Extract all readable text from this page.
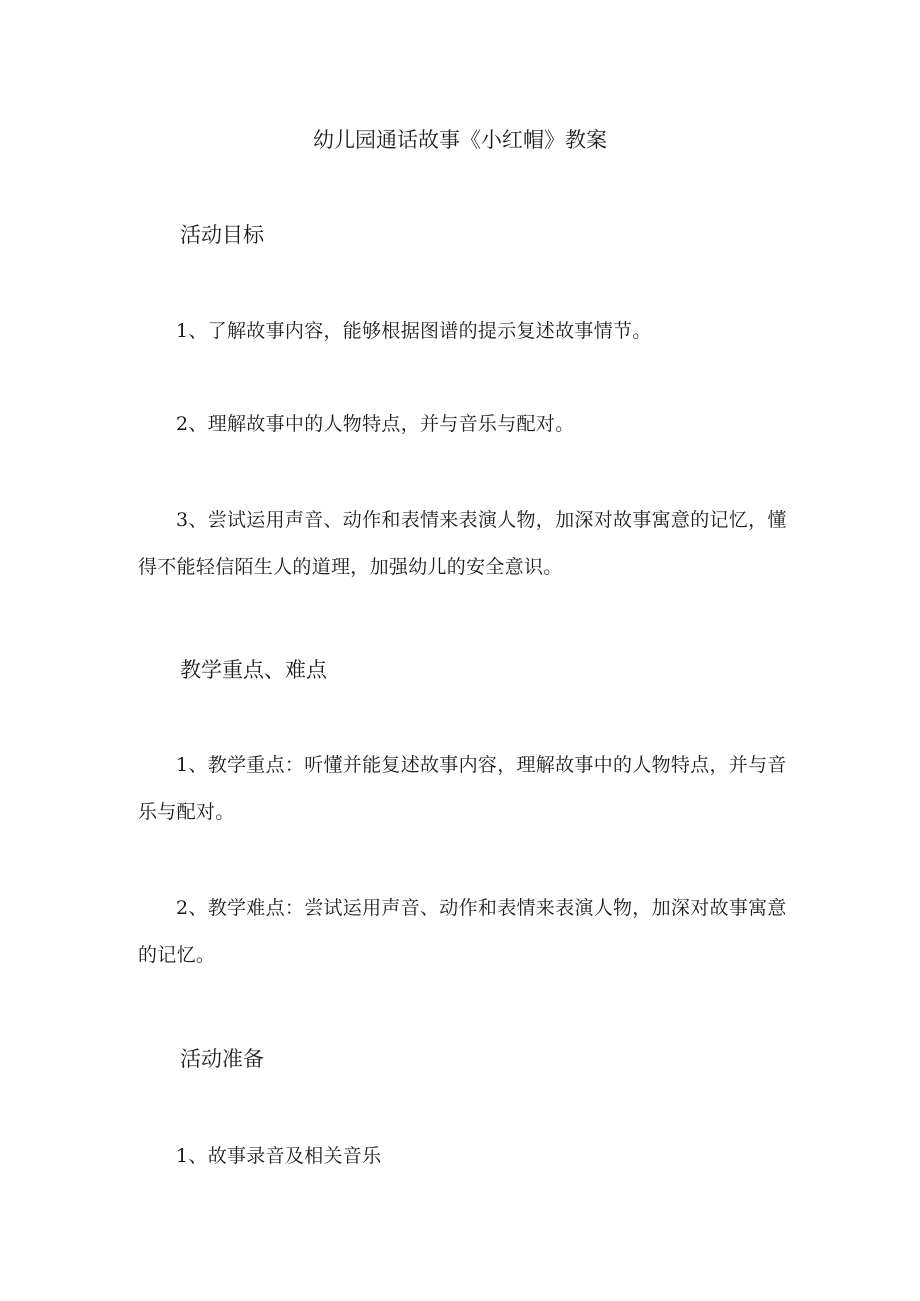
幼儿园通话故事《小红帽》教案
活动目标
1、了解故事内容，能够根据图谱的提示复述故事情节。
2、理解故事中的人物特点，并与音乐与配对。
3、尝试运用声音、动作和表情来表演人物，加深对故事寓意的记忆，懂得不能轻信陌生人的道理，加强幼儿的安全意识。
教学重点、难点
1、教学重点：听懂并能复述故事内容，理解故事中的人物特点，并与音乐与配对。
2、教学难点：尝试运用声音、动作和表情来表演人物，加深对故事寓意的记忆。
活动准备
1、故事录音及相关音乐
